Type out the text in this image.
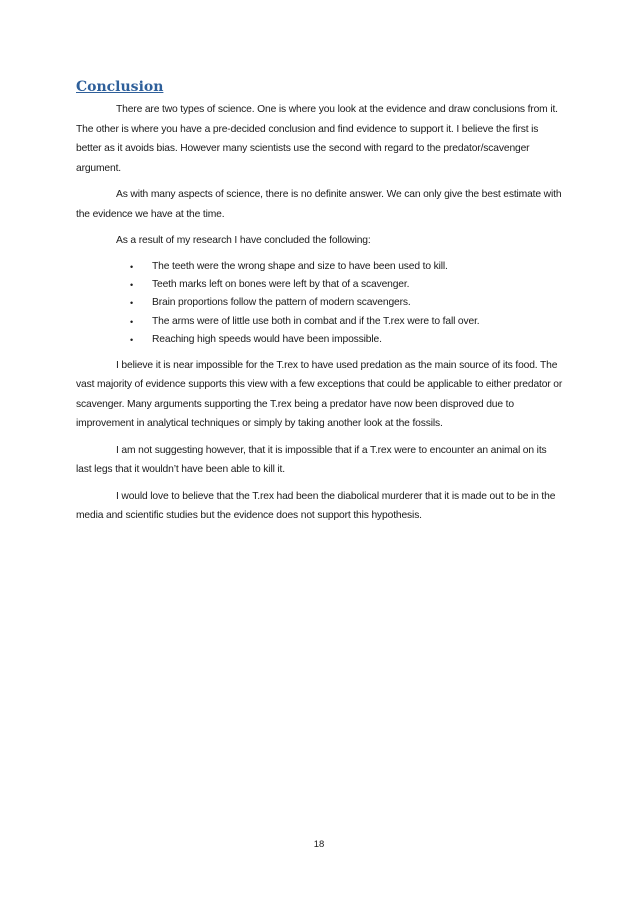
Conclusion

There are two types of science. One is where you look at the evidence and draw conclusions from it. The other is where you have a pre-decided conclusion and find evidence to support it. I believe the first is better as it avoids bias. However many scientists use the second with regard to the predator/scavenger argument.

As with many aspects of science, there is no definite answer. We can only give the best estimate with the evidence we have at the time.

As a result of my research I have concluded the following:

• The teeth were the wrong shape and size to have been used to kill.
• Teeth marks left on bones were left by that of a scavenger.
• Brain proportions follow the pattern of modern scavengers.
• The arms were of little use both in combat and if the T.rex were to fall over.
• Reaching high speeds would have been impossible.

I believe it is near impossible for the T.rex to have used predation as the main source of its food. The vast majority of evidence supports this view with a few exceptions that could be applicable to either predator or scavenger. Many arguments supporting the T.rex being a predator have now been disproved due to improvement in analytical techniques or simply by taking another look at the fossils.

I am not suggesting however, that it is impossible that if a T.rex were to encounter an animal on its last legs that it wouldn’t have been able to kill it.

I would love to believe that the T.rex had been the diabolical murderer that it is made out to be in the media and scientific studies but the evidence does not support this hypothesis.

18
